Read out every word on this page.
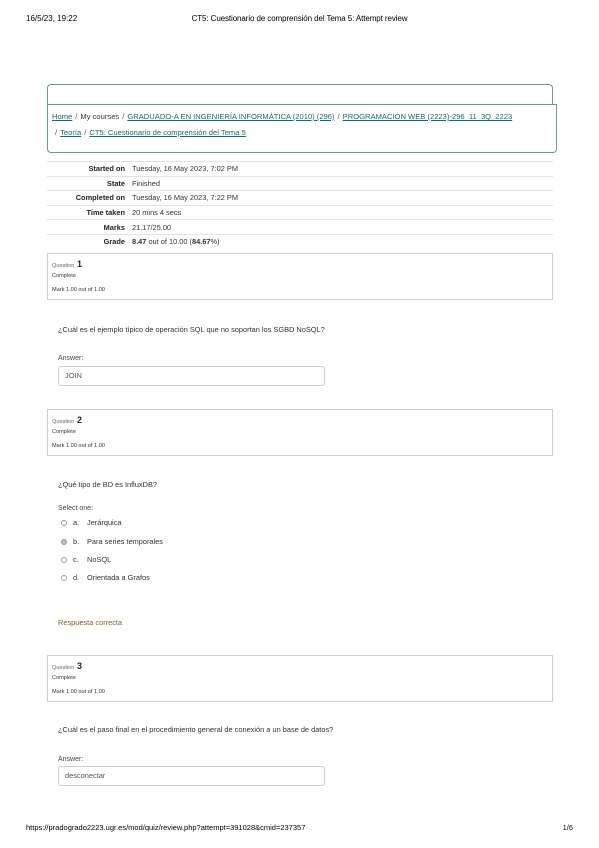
16/5/23, 19:22	CT5: Cuestionario de comprensión del Tema 5: Attempt review
Home / My courses / GRADUADO-A EN INGENIERÍA INFORMÁTICA (2010) (296) / PROGRAMACIÓN WEB (2223)-296_11_3Q_2223
/ Teoría / CT5: Cuestionario de comprensión del Tema 5
Started on	Tuesday, 16 May 2023, 7:02 PM
State	Finished
Completed on	Tuesday, 16 May 2023, 7:22 PM
Time taken	20 mins 4 secs
Marks	21.17/25.00
Grade	8.47 out of 10.00 (84.67%)
Question 1
Complete
Mark 1.00 out of 1.00
¿Cuál es el ejemplo típico de operación SQL que no soportan los SGBD NoSQL?
Answer:
JOIN
Question 2
Complete
Mark 1.00 out of 1.00
¿Qué tipo de BD es InfluxDB?
Select one:
a.	Jerárquica
b.	Para series temporales
c.	NoSQL
d.	Orientada a Grafos
Respuesta correcta
Question 3
Complete
Mark 1.00 out of 1.00
¿Cuál es el paso final en el procedimiento general de conexión a un base de datos?
Answer:
desconectar
https://pradogrado2223.ugr.es/mod/quiz/review.php?attempt=391028&cmid=237357	1/6
